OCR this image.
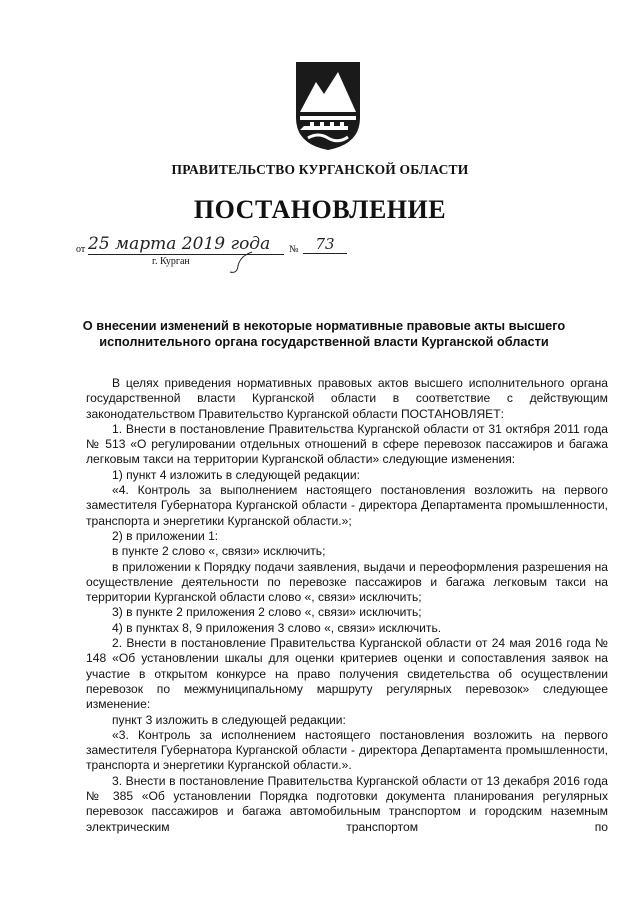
ПРАВИТЕЛЬСТВО КУРГАНСКОЙ ОБЛАСТИ
ПОСТАНОВЛЕНИЕ
от 25 марта 2019 года	№	73
г. Курган
О внесении изменений в некоторые нормативные правовые акты высшего исполнительного органа государственной власти Курганской области

В целях приведения нормативных правовых актов высшего исполнительного органа государственной власти Курганской области в соответствие с действующим законодательством Правительство Курганской области ПОСТАНОВЛЯЕТ:

1. Внести в постановление Правительства Курганской области от 31 октября 2011 года № 513 «О регулировании отдельных отношений в сфере перевозок пассажиров и багажа легковым такси на территории Курганской области» следующие изменения:

1) пункт 4 изложить в следующей редакции:

«4. Контроль за выполнением настоящего постановления возложить на первого заместителя Губернатора Курганской области - директора Департамента промышленности, транспорта и энергетики Курганской области.»;

2) в приложении 1:

в пункте 2 слово «, связи» исключить;

в приложении к Порядку подачи заявления, выдачи и переоформления разрешения на осуществление деятельности по перевозке пассажиров и багажа легковым такси на территории Курганской области слово «, связи» исключить;

3) в пункте 2 приложения 2 слово «, связи» исключить;

4) в пунктах 8, 9 приложения 3 слово «, связи» исключить.

2. Внести в постановление Правительства Курганской области от 24 мая 2016 года № 148 «Об установлении шкалы для оценки критериев оценки и сопоставления заявок на участие в открытом конкурсе на право получения свидетельства об осуществлении перевозок по межмуниципальному маршруту регулярных перевозок» следующее изменение:

пункт 3 изложить в следующей редакции:

«3. Контроль за исполнением настоящего постановления возложить на первого заместителя Губернатора Курганской области - директора Департамента промышленности, транспорта и энергетики Курганской области.».

3. Внести в постановление Правительства Курганской области от 13 декабря 2016 года № 385 «Об установлении Порядка подготовки документа планирования регулярных перевозок пассажиров и багажа автомобильным транспортом и городским наземным электрическим транспортом по
